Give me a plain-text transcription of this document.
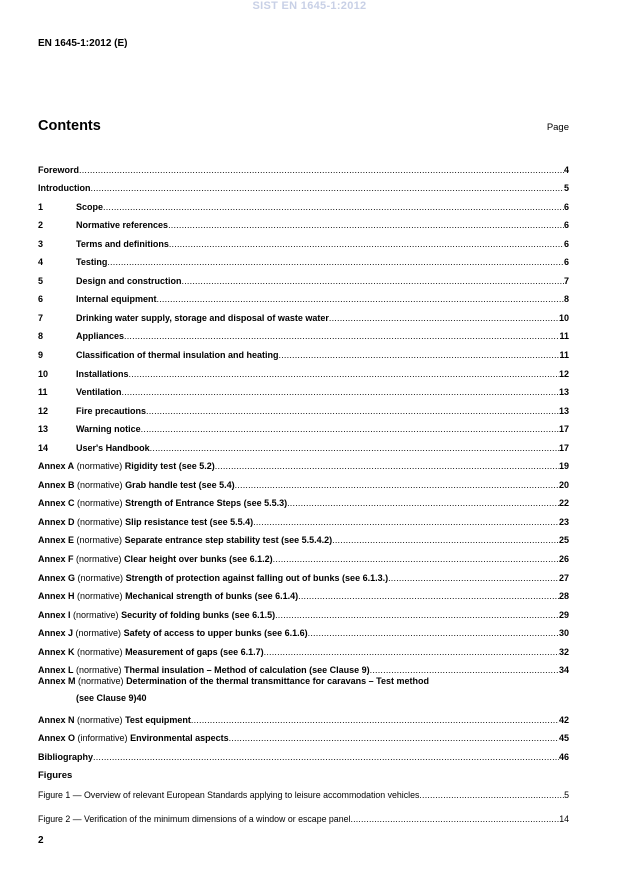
SIST EN 1645-1:2012
EN 1645-1:2012 (E)
Contents	Page
Foreword .....	4
Introduction .....	5
1	Scope .....	6
2	Normative references .....	6
3	Terms and definitions .....	6
4	Testing .....	6
5	Design and construction .....	7
6	Internal equipment .....	8
7	Drinking water supply, storage and disposal of waste water .....	10
8	Appliances .....	11
9	Classification of thermal insulation and heating .....	11
10	Installations .....	12
11	Ventilation .....	13
12	Fire precautions .....	13
13	Warning notice .....	17
14	User's Handbook .....	17
Annex A (normative) Rigidity test (see 5.2) .....	19
Annex B (normative) Grab handle test (see 5.4) .....	20
Annex C (normative) Strength of Entrance Steps (see 5.5.3) .....	22
Annex D (normative) Slip resistance test (see 5.5.4) .....	23
Annex E (normative) Separate entrance step stability test (see 5.5.4.2) .....	25
Annex F (normative) Clear height over bunks (see 6.1.2) .....	26
Annex G (normative) Strength of protection against falling out of bunks (see 6.1.3.) .....	27
Annex H (normative) Mechanical strength of bunks (see 6.1.4) .....	28
Annex I (normative) Security of folding bunks (see 6.1.5) .....	29
Annex J (normative) Safety of access to upper bunks (see 6.1.6) .....	30
Annex K (normative) Measurement of gaps (see 6.1.7) .....	32
Annex L (normative) Thermal insulation – Method of calculation (see Clause 9) .....	34
Annex M (normative) Determination of the thermal transmittance for caravans – Test method
(see Clause 9) 40
Annex N (normative) Test equipment .....	42
Annex O (informative) Environmental aspects .....	45
Bibliography .....	46
Figures
Figure 1 — Overview of relevant European Standards applying to leisure accommodation vehicles .....	5
Figure 2 — Verification of the minimum dimensions of a window or escape panel .....	14
2
